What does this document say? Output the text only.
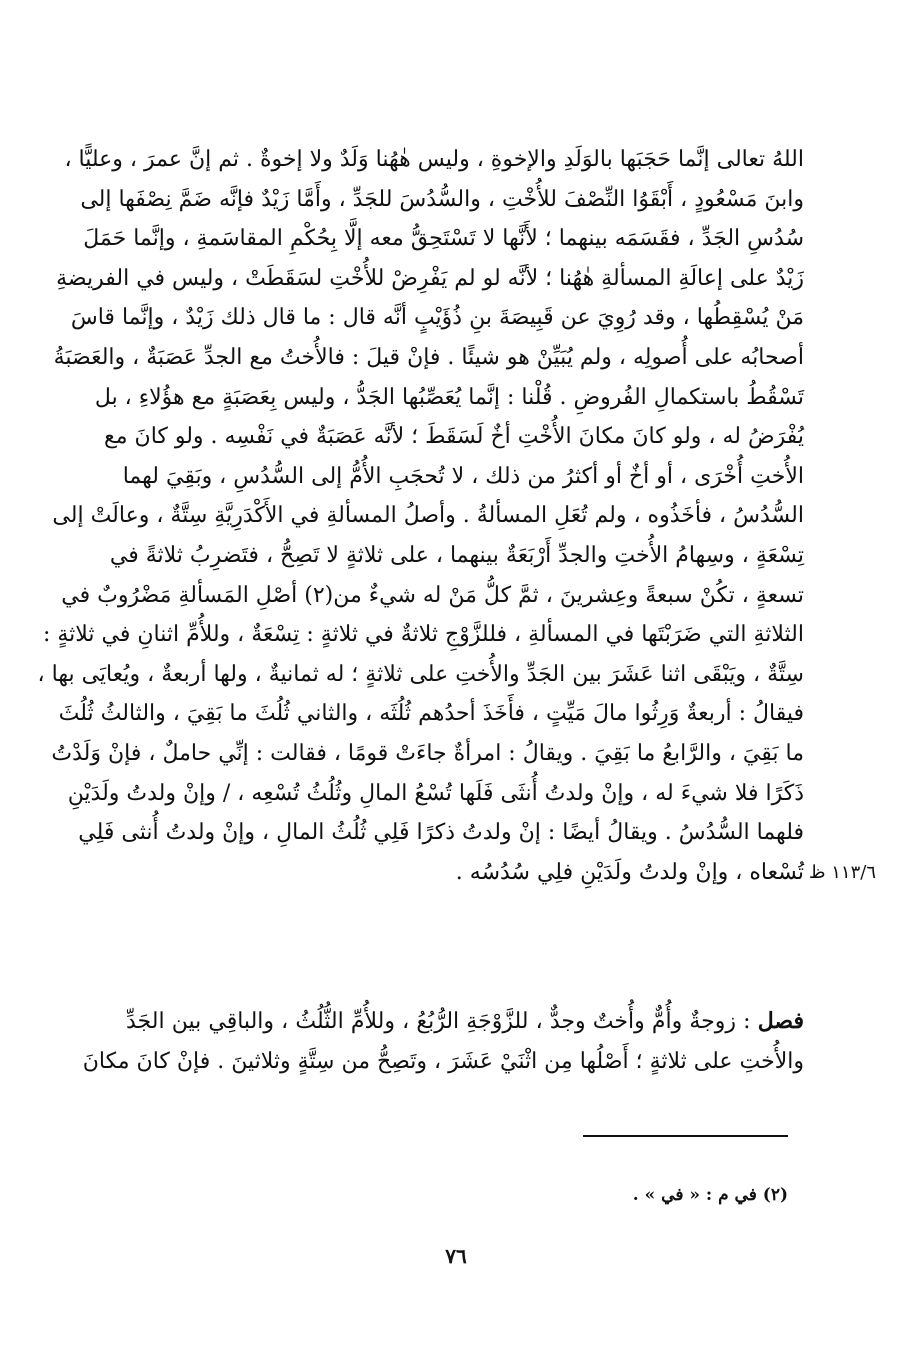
اللهُ تعالى إنَّما حَجَبَها بالوَلَدِ والإخوةِ ، وليس هٰهُنا وَلَدٌ ولا إخوةٌ . ثم إنَّ عمرَ ، وعليًّا ،
وابنَ مَسْعُودٍ ، أَبْقَوُا النِّصْفَ للأُخْتِ ، والسُّدُسَ للجَدِّ ، وأَمَّا زَيْدٌ فإنَّه ضَمَّ نِصْفَها إلى
سُدُسِ الجَدِّ ، فقَسَمَه بينهما ؛ لأَنَّها لا تَسْتَحِقُّ معه إلَّا بِحُكْمِ المقاسَمةِ ، وإنَّما حَمَلَ
زَيْدٌ على إعالَةِ المسألةِ هٰهُنا ؛ لأنَّه لو لم يَفْرِضْ للأُخْتِ لسَقَطَتْ ، وليس في الفريضةِ
مَنْ يُسْقِطُها ، وقد رُوِيَ عن قَبِيصَةَ بنِ ذُؤَيْبٍ أنَّه قال : ما قال ذلك زَيْدٌ ، وإنَّما قاسَ
أصحابُه على أُصولِه ، ولم يُبَيِّنْ هو شيئًا . فإنْ قيلَ : فالأُختُ مع الجدِّ عَصَبَةٌ ، والعَصَبَةُ
تَسْقُطُ باستكمالِ الفُروضِ . قُلْنا : إنَّما يُعَصِّبُها الجَدُّ ، وليس بِعَصَبَةٍ مع هؤُلاءِ ، بل
يُفْرَضُ له ، ولو كانَ مكانَ الأُخْتِ أخٌ لَسَقَطَ ؛ لأنَّه عَصَبَةٌ في نَفْسِه . ولو كانَ مع
الأُختِ أُخْرَى ، أو أخٌ أو أكثرُ من ذلك ، لا تُحجَبِ الأُمُّ إلى السُّدُسِ ، وبَقِيَ لهما
السُّدُسُ ، فأخَذُوه ، ولم تُعَلِ المسألةُ . وأصلُ المسألةِ في الأَكْدَرِيَّةِ سِتَّةٌ ، وعالَتْ إلى
تِسْعَةٍ ، وسِهامُ الأُختِ والجدِّ أَرْبَعَةٌ بينهما ، على ثلاثةٍ لا تَصِحُّ ، فتَضرِبُ ثلاثةً في
تسعةٍ ، تكُنْ سبعةً وعِشرينَ ، ثمَّ كلُّ مَنْ له شيءٌ من(٢) أصْلِ المَسألةِ مَضْرُوبٌ في
الثلاثةِ التي ضَرَبْتَها في المسألةِ ، فللزَّوْجِ ثلاثةٌ في ثلاثةٍ : تِسْعَةٌ ، وللأُمِّ اثنانِ في ثلاثةٍ :
سِتَّةٌ ، ويَبْقَى اثنا عَشَرَ بين الجَدِّ والأُختِ على ثلاثةٍ ؛ له ثمانيةٌ ، ولها أربعةٌ ، ويُعايَى بها ،
فيقالُ : أربعةٌ وَرِثُوا مالَ مَيِّتٍ ، فأَخَذَ أحدُهم ثُلُثَه ، والثاني ثُلُثَ ما بَقِيَ ، والثالثُ ثُلُثَ
ما بَقِيَ ، والرَّابعُ ما بَقِيَ . ويقالُ : امرأةٌ جاءَتْ قومًا ، فقالت : إنِّي حاملٌ ، فإنْ وَلَدْتُ
ذَكَرًا فلا شيءَ له ، وإنْ ولدتُ أُنثَى فَلَها تُسْعُ المالِ وثُلُثُ تُسْعِه ، / وإنْ ولدتُ ولَدَيْنِ
فلهما السُّدُسُ . ويقالُ أيضًا : إنْ ولدتُ ذكرًا فَلِي ثُلُثُ المالِ ، وإنْ ولدتُ أُنثى فَلِي
تُسْعاه ، وإنْ ولدتُ ولَدَيْنِ فلِي سُدُسُه . ١١٣/٦ ظ
فصل : زوجةٌ وأُمٌّ وأُختٌ وجدٌّ ، للزَّوْجَةِ الرُّبُعُ ، وللأُمِّ الثُّلُثُ ، والباقِي بين الجَدِّ
والأُختِ على ثلاثةٍ ؛ أَصْلُها مِن اثْنَيْ عَشَرَ ، وتَصِحُّ من سِتَّةٍ وثلاثينَ . فإنْ كانَ مكانَ
(٢) في م : « في » .
٧٦
